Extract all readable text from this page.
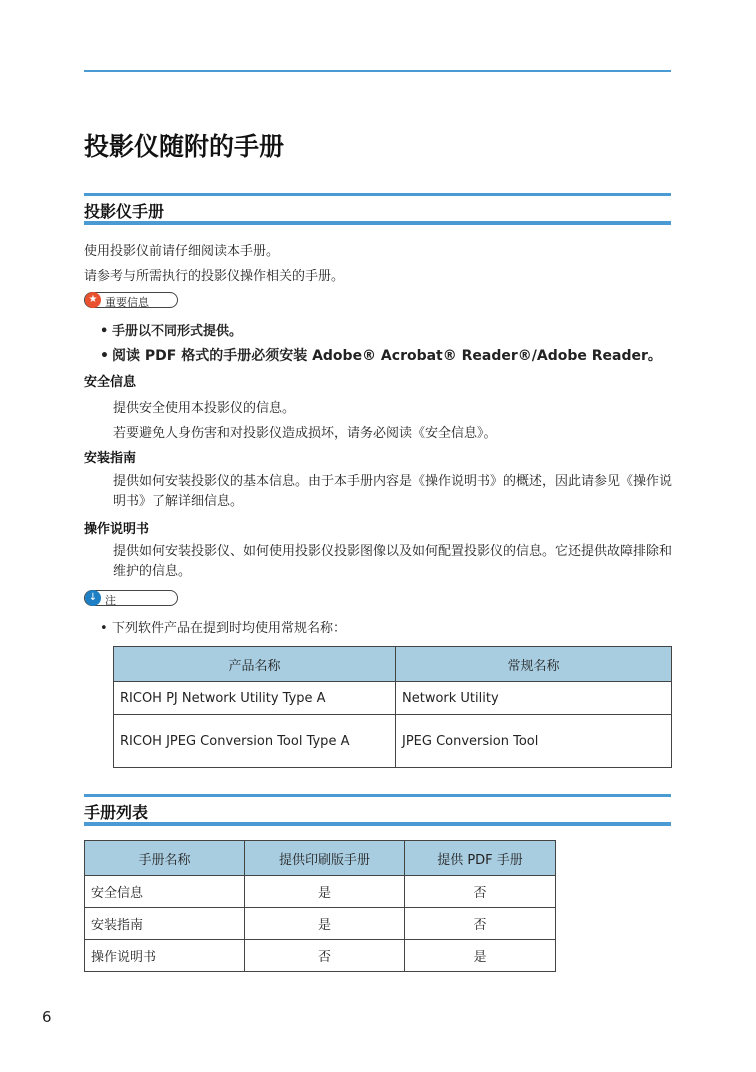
投影仪随附的手册
投影仪手册
使用投影仪前请仔细阅读本手册。
请参考与所需执行的投影仪操作相关的手册。
★ 重要信息
• 手册以不同形式提供。
• 阅读 PDF 格式的手册必须安装 Adobe® Acrobat® Reader®/Adobe Reader。
安全信息
提供安全使用本投影仪的信息。
若要避免人身伤害和对投影仪造成损坏，请务必阅读《安全信息》。
安装指南
提供如何安装投影仪的基本信息。由于本手册内容是《操作说明书》的概述，因此请参见《操作说明书》了解详细信息。
操作说明书
提供如何安装投影仪、如何使用投影仪投影图像以及如何配置投影仪的信息。它还提供故障排除和维护的信息。
↓ 注
• 下列软件产品在提到时均使用常规名称：
产品名称	常规名称
RICOH PJ Network Utility Type A	Network Utility
RICOH JPEG Conversion Tool Type A	JPEG Conversion Tool
手册列表
手册名称	提供印刷版手册	提供 PDF 手册
安全信息	是	否
安装指南	是	否
操作说明书	否	是
6
